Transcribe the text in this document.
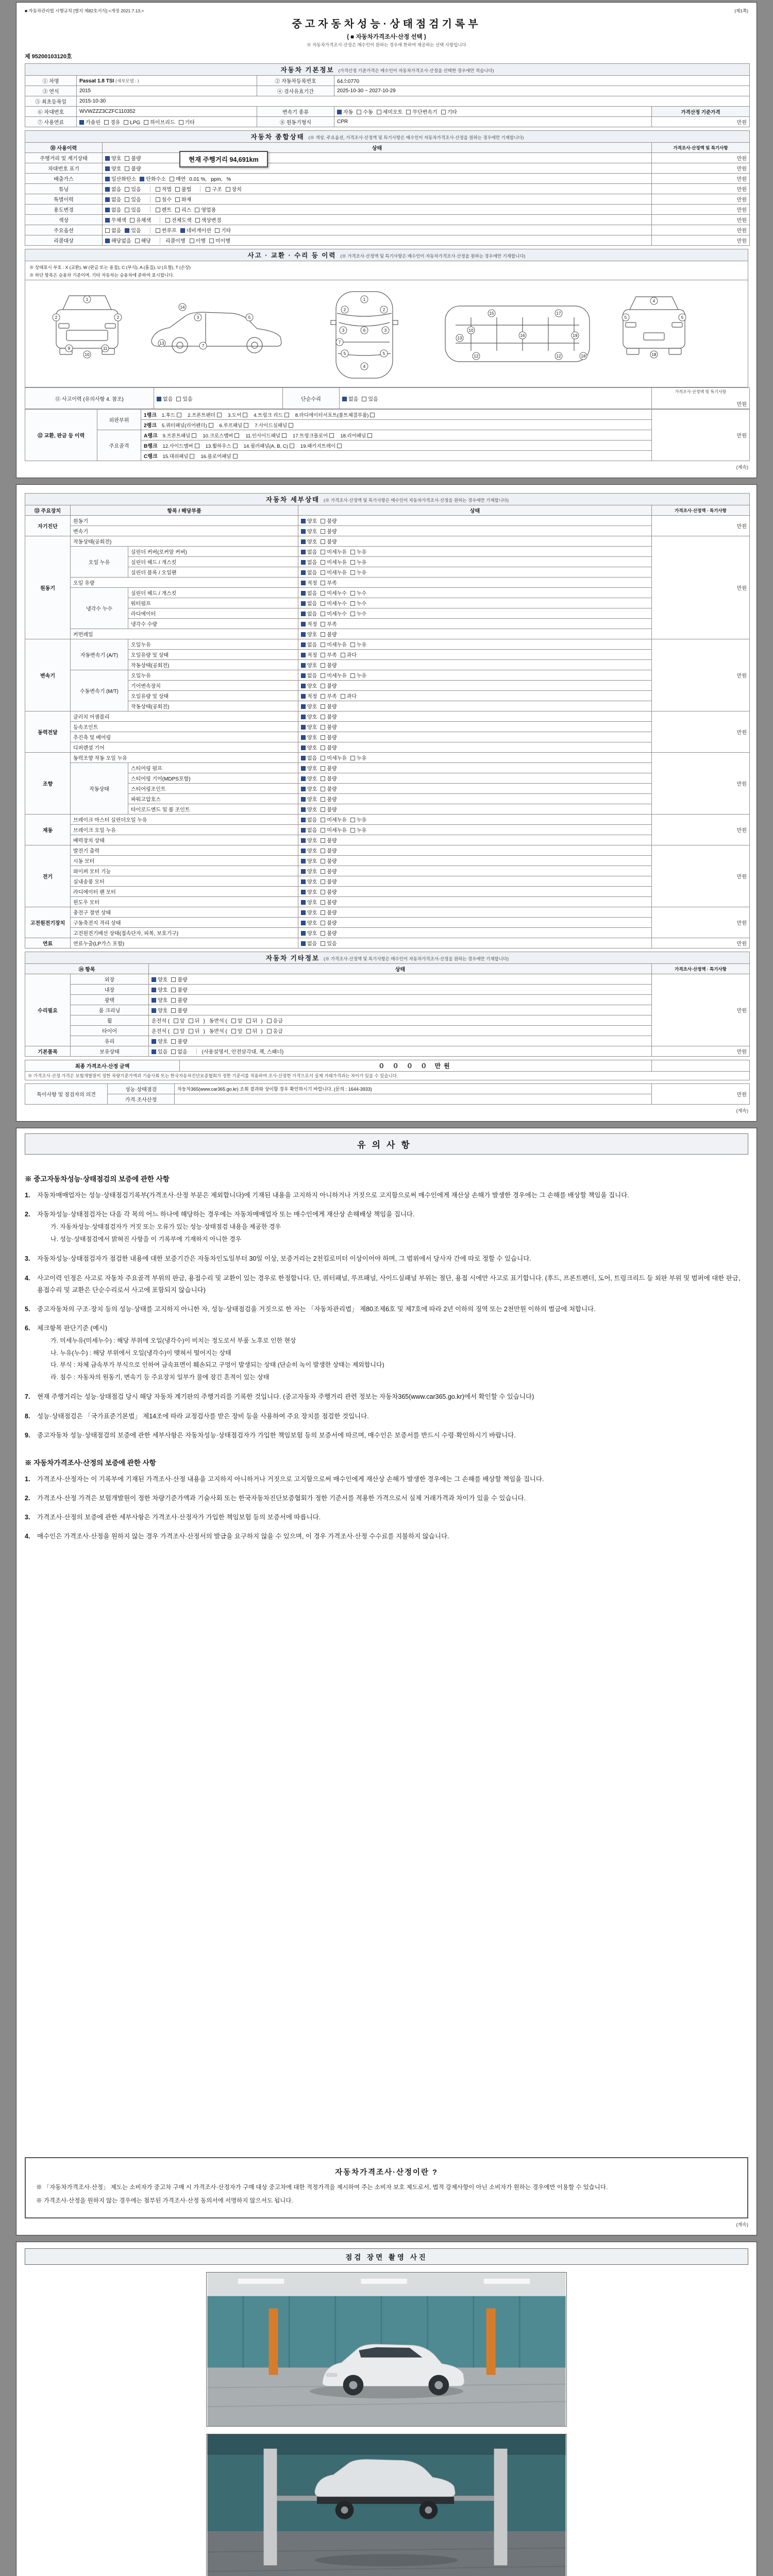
■ 자동차관리법 시행규칙 [별지 제82호서식] <개정 2021.7.13.>	(제1쪽)
중고자동차성능·상태점검기록부
( ■ 자동차가격조사·산정 선택 )
※ 자동차가격조사·산정은 매수인이 원하는 경우에 한하여 제공하는 선택 사항입니다
제 95200103120호
자동차 기본정보 (가격산정 기준가격은 매수인이 자동차가격조사·산정을 선택한 경우에만 적습니다)				
① 차명	Passat 1.8 TSI (세부모델 : )	② 자동차등록번호	64소0770	
③ 연식	2015	④ 검사유효기간	2025-10-30 ~ 2027-10-29	
⑤ 최초등록일	2015-10-30			
⑥ 차대번호	WVWZZZ3CZFC110352	변속기 종류	자동 수동 세미오토 무단변속기 기타	가격산정 기준가격
⑦ 사용연료	가솔린 경유 LPG 하이브리드 기타	⑧ 원동기형식	CPR	만원
자동차 종합상태 (※ 색상, 주요옵션, 가격조사·산정액 및 특기사항은 매수인이 자동차가격조사·산정을 원하는 경우에만 기재합니다)		
⑩ 사용이력	상태	가격조사·산정액 및 특기사항
주행거리 및 계기상태	양호 불량	만원
차대번호 표기	양호 불량	만원
배출가스	일산화탄소 탄화수소 매연 0.01 %, ppm, %	만원
튜닝	없음 있음 적법 불법 구조 장치	만원
특별이력	없음 있음 침수 화재	만원
용도변경	없음 있음 렌트 리스 영업용	만원
색상	무채색 유채색 전체도색 색상변경	만원
주요옵션	없음 있음 썬루프 네비게이션 기타	만원
리콜대상	해당없음 해당 리콜이행 이행 미이행	만원
현재 주행거리 94,691km
사고 · 교환 · 수리 등 이력 (※ 가격조사·산정액 및 특기사항은 매수인이 자동차가격조사·산정을 원하는 경우에만 기재합니다)

※ 상태표시 부호 : X (교환), W (판금 또는 용접), C (부식), A (흠집), U (요철), T (손상)
※ 하단 항목은 승용차 기준이며, 기타 자동차는 승용차에 준하여 표시합니다.

1
2	2
9
10
11
3
14
7
13
5
1
2	2
3	3
6
5	5
4
7
10
12	12
13
15
16
17
19
18
4
5	5
18
⑪ 사고이력 (유의사항 4. 참조)	없음 있음	단순수리	없음 있음	
가격조사·산정액 및 특기사항
만원
⑫ 교환, 판금 등 이력	외판부위	1랭크 1.후드 2.프론트펜더 3.도어 4.트렁크 리드 8.라디에이터서포트(볼트체결부품)	만원
		2랭크 5.쿼터패널(리어펜더) 6.루프패널 7.사이드실패널	
	주요골격	A랭크 9.프론트패널 10.크로스멤버 11.인사이드패널 17.트렁크플로어 18.리어패널	
		B랭크 12.사이드멤버 13.휠하우스 14.필러패널(A, B, C) 19.패키지트레이	
		C랭크 15.대쉬패널 16.플로어패널	
(계속)
자동차 세부상태 (※ 가격조사·산정액 및 특기사항은 매수인이 자동차가격조사·산정을 원하는 경우에만 기재합니다)				
⑬ 주요장치	항목 / 해당부품		상태	가격조사·산정액 · 특기사항
자기진단	원동기		양호 불량	만원
	변속기		양호 불량	
원동기	작동상태(공회전)		양호 불량	만원
	오일 누유	실린더 커버(로커암 커버)	없음 미세누유 누유	
		실린더 헤드 / 개스킷	없음 미세누유 누유	
		실린더 블록 / 오일팬	없음 미세누유 누유	
	오일 유량		적정 부족	
	냉각수 누수	실린더 헤드 / 개스킷	없음 미세누수 누수	
		워터펌프	없음 미세누수 누수	
		라디에이터	없음 미세누수 누수	
		냉각수 수량	적정 부족	
	커먼레일		양호 불량	
변속기	자동변속기 (A/T)	오일누유	없음 미세누유 누유	만원
		오일유량 및 상태	적정 부족 과다	
		작동상태(공회전)	양호 불량	
	수동변속기 (M/T)	오일누유	없음 미세누유 누유	
		기어변속장치	양호 불량	
		오일유량 및 상태	적정 부족 과다	
		작동상태(공회전)	양호 불량	
동력전달	클러치 어셈블리		양호 불량	만원
	등속조인트		양호 불량	
	추진축 및 베어링		양호 불량	
	디퍼렌셜 기어		양호 불량	
조향	동력조향 작동 오일 누유		없음 미세누유 누유	만원
	작동상태	스티어링 펌프	양호 불량	
		스티어링 기어(MDPS포함)	양호 불량	
		스티어링조인트	양호 불량	
		파워고압호스	양호 불량	
		타이로드엔드 및 볼 조인트	양호 불량	
제동	브레이크 마스터 실린더오일 누유		없음 미세누유 누유	만원
	브레이크 오일 누유		없음 미세누유 누유	
	배력장치 상태		양호 불량	
전기	발전기 출력		양호 불량	만원
	시동 모터		양호 불량	
	와이퍼 모터 기능		양호 불량	
	실내송풍 모터		양호 불량	
	라디에이터 팬 모터		양호 불량	
	윈도우 모터		양호 불량	
고전원전기장치	충전구 절연 상태		양호 불량	만원
	구동축전지 격리 상태		양호 불량	
	고전원전기배선 상태(접속단자, 피복, 보호기구)		양호 불량	
연료	연료누출(LP가스 포함)		없음 있음	만원
자동차 기타정보 (※ 가격조사·산정액 및 특기사항은 매수인이 자동차가격조사·산정을 원하는 경우에만 기재합니다)			
⑭ 항목		상태	가격조사·산정액 · 특기사항
수리필요	외장	양호 불량	만원
	내장	양호 불량	
	광택	양호 불량	
	룸 크리닝	양호 불량	
	휠	운전석 ( 앞 뒤 ) 동반석 ( 앞 뒤 ) 응급	
	타이어	운전석 ( 앞 뒤 ) 동반석 ( 앞 뒤 ) 응급	
	유리	양호 불량	
기본품목	보유상태	있음 없음 (사용설명서, 안전삼각대, 잭, 스패너)	만원
최종 가격조사·산정 금액	０ ０ ０ ０ 만원	
※ 가격조사·산정 가격은 보험개발원이 정한 차량기준가액과 기술사회 또는 한국자동차진단보증협회가 정한 기준서를 적용하여 조사·산정한 가격으로서 실제 거래가격과는 차이가 있을 수 있습니다.
특이사항 및 점검자의 의견	성능·상태점검	자동차365(www.car365.go.kr) 조회 결과와 상이할 경우 확인하시기 바랍니다. (문의 : 1644-3933)	만원
	가격·조사산정		
(계속)
유의사항
※ 중고자동차성능·상태점검의 보증에 관한 사항
1.	자동차매매업자는 성능·상태점검기록부(가격조사·산정 부분은 제외합니다)에 기재된 내용을 고지하지 아니하거나 거짓으로 고지함으로써 매수인에게 재산상 손해가 발생한 경우에는 그 손해를 배상할 책임을 집니다.
2.	자동차성능·상태점검자는 다음 각 목의 어느 하나에 해당하는 경우에는 자동차매매업자 또는 매수인에게 재산상 손해배상 책임을 집니다.
가. 자동차성능·상태점검자가 거짓 또는 오류가 있는 성능·상태점검 내용을 제공한 경우
나. 성능·상태점검에서 밝혀진 사항을 이 기록부에 기재하지 아니한 경우
3.	자동차성능·상태점검자가 점검한 내용에 대한 보증기간은 자동차인도일부터 30일 이상, 보증거리는 2천킬로미터 이상이어야 하며, 그 범위에서 당사자 간에 따로 정할 수 있습니다.
4.	사고이력 인정은 사고로 자동차 주요골격 부위의 판금, 용접수리 및 교환이 있는 경우로 한정합니다. 단, 쿼터패널, 루프패널, 사이드실패널 부위는 절단, 용접 시에만 사고로 표기합니다. (후드, 프론트펜더, 도어, 트렁크리드 등 외판 부위 및 범퍼에 대한 판금, 용접수리 및 교환은 단순수리로서 사고에 포함되지 않습니다)
5.	중고자동차의 구조·장치 등의 성능·상태를 고지하지 아니한 자, 성능·상태점검을 거짓으로 한 자는 「자동차관리법」 제80조제6호 및 제7호에 따라 2년 이하의 징역 또는 2천만원 이하의 벌금에 처합니다.
6.	체크항목 판단기준 (예시)
가. 미세누유(미세누수) : 해당 부위에 오일(냉각수)이 비치는 정도로서 부품 노후로 인한 현상
나. 누유(누수) : 해당 부위에서 오일(냉각수)이 맺혀서 떨어지는 상태
다. 부식 : 차체 금속부가 부식으로 인하여 금속표면이 훼손되고 구멍이 발생되는 상태 (단순히 녹이 발생한 상태는 제외합니다)
라. 침수 : 자동차의 원동기, 변속기 등 주요장치 일부가 물에 잠긴 흔적이 있는 상태
7.	현재 주행거리는 성능·상태점검 당시 해당 자동차 계기판의 주행거리를 기록한 것입니다. (중고자동차 주행거리 관련 정보는 자동차365(www.car365.go.kr)에서 확인할 수 있습니다)
8.	성능·상태점검은 「국가표준기본법」 제14조에 따라 교정검사를 받은 장비 등을 사용하여 주요 장치를 점검한 것입니다.
9.	중고자동차 성능·상태점검의 보증에 관한 세부사항은 자동차성능·상태점검자가 가입한 책임보험 등의 보증서에 따르며, 매수인은 보증서를 반드시 수령·확인하시기 바랍니다.
※ 자동차가격조사·산정의 보증에 관한 사항
1.	가격조사·산정자는 이 기록부에 기재된 가격조사·산정 내용을 고지하지 아니하거나 거짓으로 고지함으로써 매수인에게 재산상 손해가 발생한 경우에는 그 손해를 배상할 책임을 집니다.
2.	가격조사·산정 가격은 보험개발원이 정한 차량기준가액과 기술사회 또는 한국자동차진단보증협회가 정한 기준서를 적용한 가격으로서 실제 거래가격과 차이가 있을 수 있습니다.
3.	가격조사·산정의 보증에 관한 세부사항은 가격조사·산정자가 가입한 책임보험 등의 보증서에 따릅니다.
4.	매수인은 가격조사·산정을 원하지 않는 경우 가격조사·산정서의 발급을 요구하지 않을 수 있으며, 이 경우 가격조사·산정 수수료를 지불하지 않습니다.
자동차가격조사·산정이란 ?

※ 「자동차가격조사·산정」 제도는 소비자가 중고차 구매 시 가격조사·산정자가 구매 대상 중고차에 대한 적정가격을 제시하여 주는 소비자 보호 제도로서, 법적 강제사항이 아닌 소비자가 원하는 경우에만 이용할 수 있습니다.

※ 가격조사·산정을 원하지 않는 경우에는 첨부된 가격조사·산정 동의서에 서명하지 않으셔도 됩니다.

(계속)
점검 장면 촬영 사진
